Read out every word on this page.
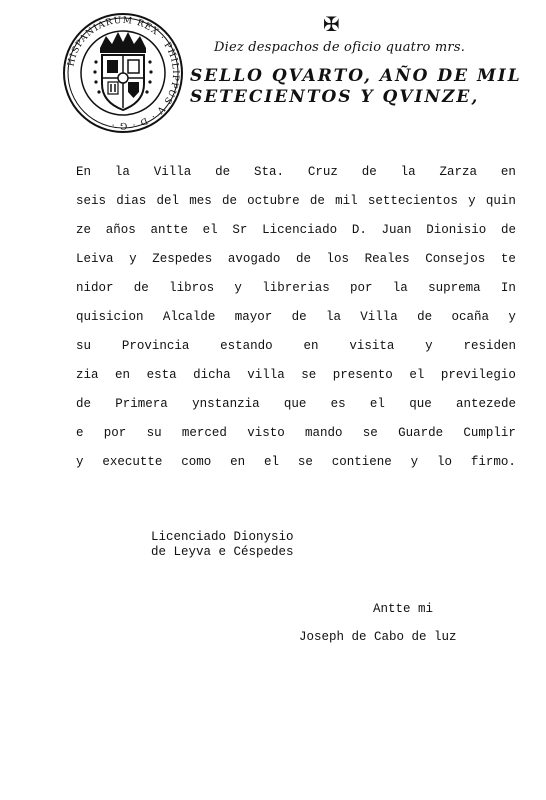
HISPANIARUM REX · PHILIPPUS V · D · G ·
✠
Diez despachos de oficio quatro mrs.
SELLO QVARTO, AÑO DE MIL
SETECIENTOS Y QVINZE,
En la Villa de Sta. Cruz de la Zarza en
seis dias del mes de octubre de mil settecientos y quin
ze años antte el Sr Licenciado D. Juan Dionisio de
Leiva y Zespedes avogado de los Reales Consejos te
nidor de libros y librerias por la suprema In
quisicion Alcalde mayor de la Villa de ocaña y
su Provincia estando en visita y residen
zia en esta dicha villa se presento el previlegio
de Primera ynstanzia que es el que antezede
e por su merced visto mando se Guarde Cumplir
y executte como en el se contiene y lo firmo.
Licenciado Dionysio
de Leyva e Céspedes
Antte mi
Joseph de Cabo de luz
